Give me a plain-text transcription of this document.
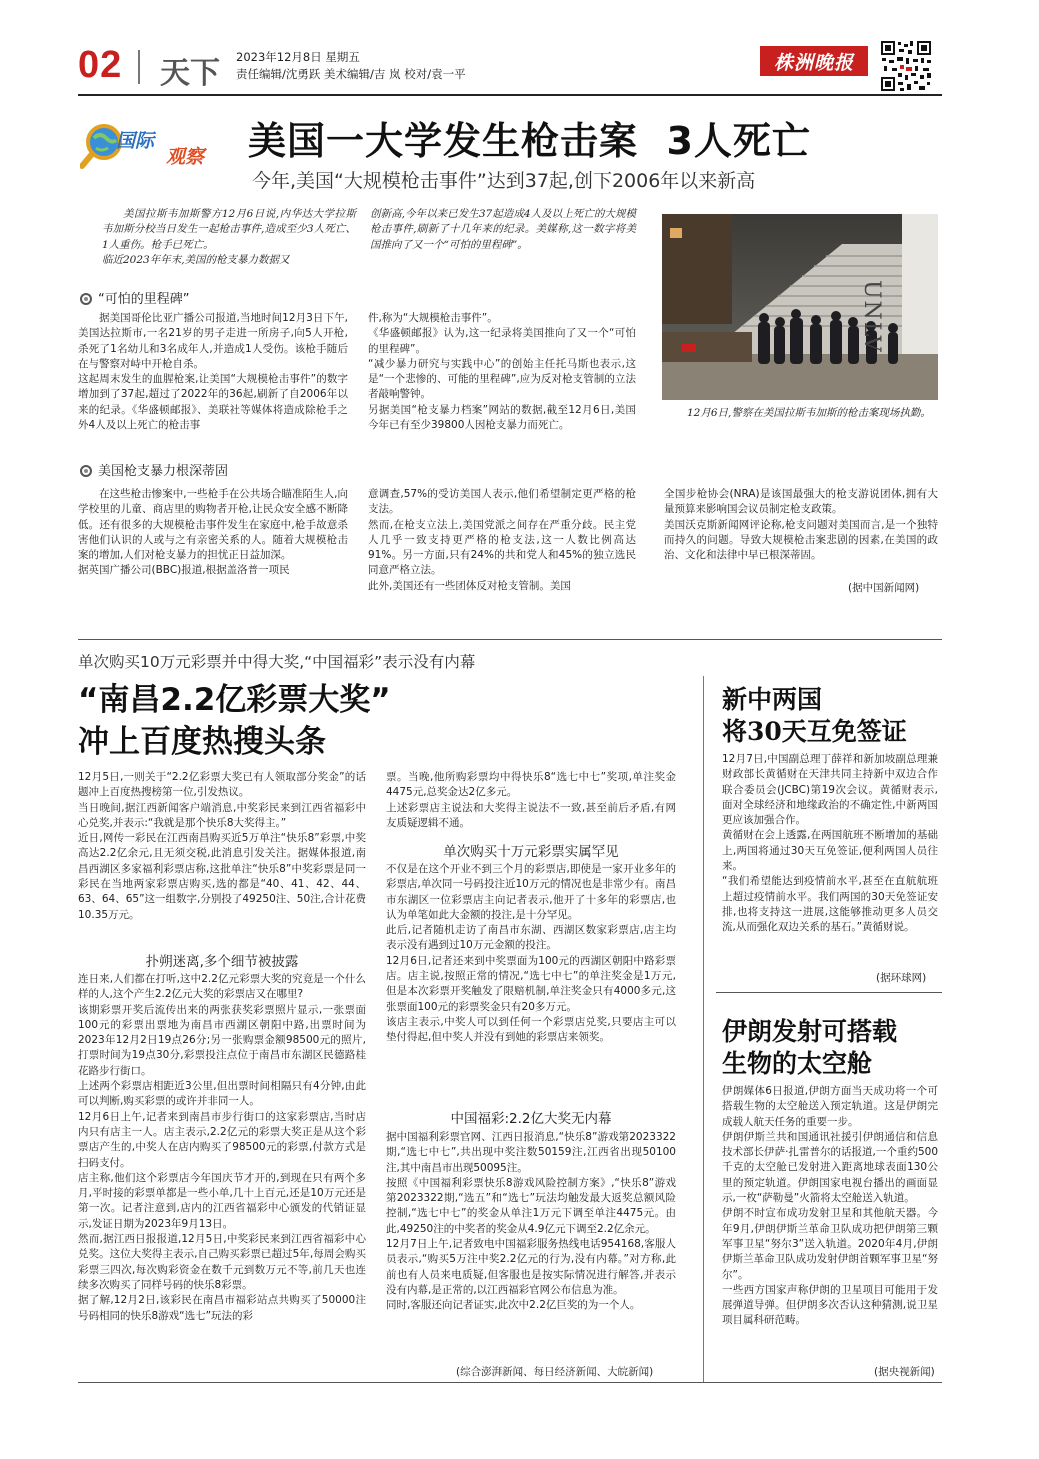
02 天下 2023年12月8日 星期五
责任编辑/沈勇跃 美术编辑/吉 岚 校对/袁一平
株洲晚报
国际
观察 美国一大学发生枪击案  3人死亡
今年,美国“大规模枪击事件”达到37起,创下2006年以来新高
美国拉斯韦加斯警方12月6日说,内华达大学拉斯韦加斯分校当日发生一起枪击事件,造成至少3人死亡、1人重伤。枪手已死亡。
临近2023年年末,美国的枪支暴力数据又
创新高,今年以来已发生37起造成4人及以上死亡的大规模枪击事件,刷新了十几年来的纪录。美媒称,这一数字将美国推向了又一个“可怕的里程碑”。
UNLV
12月6日,警察在美国拉斯韦加斯的枪击案现场执勤。
“可怕的里程碑”
据美国哥伦比亚广播公司报道,当地时间12月3日下午,美国达拉斯市,一名21岁的男子走进一所房子,向5人开枪,杀死了1名幼儿和3名成年人,并造成1人受伤。该枪手随后在与警察对峙中开枪自杀。
这起周末发生的血腥枪案,让美国“大规模枪击事件”的数字增加到了37起,超过了2022年的36起,刷新了自2006年以来的纪录。《华盛顿邮报》、美联社等媒体将造成除枪手之外4人及以上死亡的枪击事
件,称为“大规模枪击事件”。
《华盛顿邮报》认为,这一纪录将美国推向了又一个“可怕的里程碑”。
“减少暴力研究与实践中心”的创始主任托马斯也表示,这是“一个悲惨的、可能的里程碑”,应为反对枪支管制的立法者敲响警钟。
另据美国“枪支暴力档案”网站的数据,截至12月6日,美国今年已有至少39800人因枪支暴力而死亡。
美国枪支暴力根深蒂固
在这些枪击惨案中,一些枪手在公共场合瞄准陌生人,向学校里的儿童、商店里的购物者开枪,让民众安全感不断降低。还有很多的大规模枪击事件发生在家庭中,枪手故意杀害他们认识的人或与之有亲密关系的人。随着大规模枪击案的增加,人们对枪支暴力的担忧正日益加深。
据英国广播公司(BBC)报道,根据盖洛普一项民
意调查,57%的受访美国人表示,他们希望制定更严格的枪支法。
然而,在枪支立法上,美国党派之间存在严重分歧。民主党人几乎一致支持更严格的枪支法,这一人数比例高达91%。另一方面,只有24%的共和党人和45%的独立选民同意严格立法。
此外,美国还有一些团体反对枪支管制。美国
全国步枪协会(NRA)是该国最强大的枪支游说团体,拥有大量预算来影响国会议员制定枪支政策。
美国沃克斯新闻网评论称,枪支问题对美国而言,是一个独特而持久的问题。导致大规模枪击案悲剧的因素,在美国的政治、文化和法律中早已根深蒂固。
(据中国新闻网)
单次购买10万元彩票并中得大奖,“中国福彩”表示没有内幕
“南昌2.2亿彩票大奖”
冲上百度热搜头条
12月5日,一则关于“2.2亿彩票大奖已有人领取部分奖金”的话题冲上百度热搜榜第一位,引发热议。
当日晚间,据江西新闻客户端消息,中奖彩民来到江西省福彩中心兑奖,并表示:“我就是那个快乐8大奖得主。”
近日,网传一彩民在江西南昌购买近5万单注“快乐8”彩票,中奖高达2.2亿余元,且无须交税,此消息引发关注。据媒体报道,南昌西湖区多家福利彩票店称,这批单注“快乐8”中奖彩票是同一彩民在当地两家彩票店购买,选的都是“40、41、42、44、63、64、65”这一组数字,分别投了49250注、50注,合计花费10.35万元。
扑朔迷离,多个细节被披露
连日来,人们都在打听,这中2.2亿元彩票大奖的究竟是一个什么样的人,这个产生2.2亿元大奖的彩票店又在哪里?
该期彩票开奖后流传出来的两张获奖彩票照片显示,一张票面100元的彩票出票地为南昌市西湖区朝阳中路,出票时间为2023年12月2日19点26分;另一张购票金额98500元的照片,打票时间为19点30分,彩票投注点位于南昌市东湖区民德路桂花路步行街口。
上述两个彩票店相距近3公里,但出票时间相隔只有4分钟,由此可以判断,购买彩票的或许并非同一人。
12月6日上午,记者来到南昌市步行街口的这家彩票店,当时店内只有店主一人。店主表示,2.2亿元的彩票大奖正是从这个彩票店产生的,中奖人在店内购买了98500元的彩票,付款方式是扫码支付。
店主称,他们这个彩票店今年国庆节才开的,到现在只有两个多月,平时接的彩票单都是一些小单,几十上百元,还是10万元还是第一次。记者注意到,店内的江西省福彩中心颁发的代销证显示,发证日期为2023年9月13日。
然而,据江西日报报道,12月5日,中奖彩民来到江西省福彩中心兑奖。这位大奖得主表示,自己购买彩票已超过5年,每周会购买彩票三四次,每次购彩资金在数千元到数万元不等,前几天也连续多次购买了同样号码的快乐8彩票。
据了解,12月2日,该彩民在南昌市福彩站点共购买了50000注号码相同的快乐8游戏“选七”玩法的彩
票。当晚,他所购彩票均中得快乐8“选七中七”奖项,单注奖金4475元,总奖金达2亿多元。
上述彩票店主说法和大奖得主说法不一致,甚至前后矛盾,有网友质疑逻辑不通。
单次购买十万元彩票实属罕见
不仅是在这个开业不到三个月的彩票店,即使是一家开业多年的彩票店,单次同一号码投注近10万元的情况也是非常少有。南昌市东湖区一位彩票店主向记者表示,他开了十多年的彩票店,也认为单笔如此大金额的投注,是十分罕见。
此后,记者随机走访了南昌市东湖、西湖区数家彩票店,店主均表示没有遇到过10万元金额的投注。
12月6日,记者还来到中奖票面为100元的西湖区朝阳中路彩票店。店主说,按照正常的情况,“选七中七”的单注奖金是1万元,但是本次彩票开奖触发了限赔机制,单注奖金只有4000多元,这张票面100元的彩票奖金只有20多万元。
该店主表示,中奖人可以到任何一个彩票店兑奖,只要店主可以垫付得起,但中奖人并没有到她的彩票店来领奖。
中国福彩:2.2亿大奖无内幕
据中国福利彩票官网、江西日报消息,“快乐8”游戏第2023322期,“选七中七”,共出现中奖注数50159注,江西省出现50100注,其中南昌市出现50095注。
按照《中国福利彩票快乐8游戏风险控制方案》,“快乐8”游戏第2023322期,“选五”和“选七”玩法均触发最大返奖总额风险控制,“选七中七”的奖金从单注1万元下调至单注4475元。由此,49250注的中奖者的奖金从4.9亿元下调至2.2亿余元。
12月7日上午,记者致电中国福彩服务热线电话954168,客服人员表示,“购买5万注中奖2.2亿元的行为,没有内幕。”对方称,此前也有人员来电质疑,但客服也是按实际情况进行解答,并表示没有内幕,是正常的,以江西福彩官网公布信息为准。
同时,客服还向记者证实,此次中2.2亿巨奖的为一个人。
(综合澎湃新闻、每日经济新闻、大皖新闻)
新中两国
将30天互免签证
12月7日,中国副总理丁薛祥和新加坡副总理兼财政部长黄循财在天津共同主持新中双边合作联合委员会(JCBC)第19次会议。黄循财表示,面对全球经济和地缘政治的不确定性,中新两国更应该加强合作。
黄循财在会上透露,在两国航班不断增加的基础上,两国将通过30天互免签证,便利两国人员往来。
“我们希望能达到疫情前水平,甚至在直航航班上超过疫情前水平。我们两国的30天免签证安排,也将支持这一进展,这能够推动更多人员交流,从而强化双边关系的基石。”黄循财说。
(据环球网)
伊朗发射可搭载
生物的太空舱
伊朗媒体6日报道,伊朗方面当天成功将一个可搭载生物的太空舱送入预定轨道。这是伊朗完成载人航天任务的重要一步。
伊朗伊斯兰共和国通讯社援引伊朗通信和信息技术部长伊萨·扎雷普尔的话报道,一个重约500千克的太空舱已发射进入距离地球表面130公里的预定轨道。伊朗国家电视台播出的画面显示,一枚“萨勒曼”火箭将太空舱送入轨道。
伊朗不时宣布成功发射卫星和其他航天器。今年9月,伊朗伊斯兰革命卫队成功把伊朗第三颗军事卫星“努尔3”送入轨道。2020年4月,伊朗伊斯兰革命卫队成功发射伊朗首颗军事卫星“努尔”。
一些西方国家声称伊朗的卫星项目可能用于发展弹道导弹。但伊朗多次否认这种猜测,说卫星项目属科研范畴。
(据央视新闻)
